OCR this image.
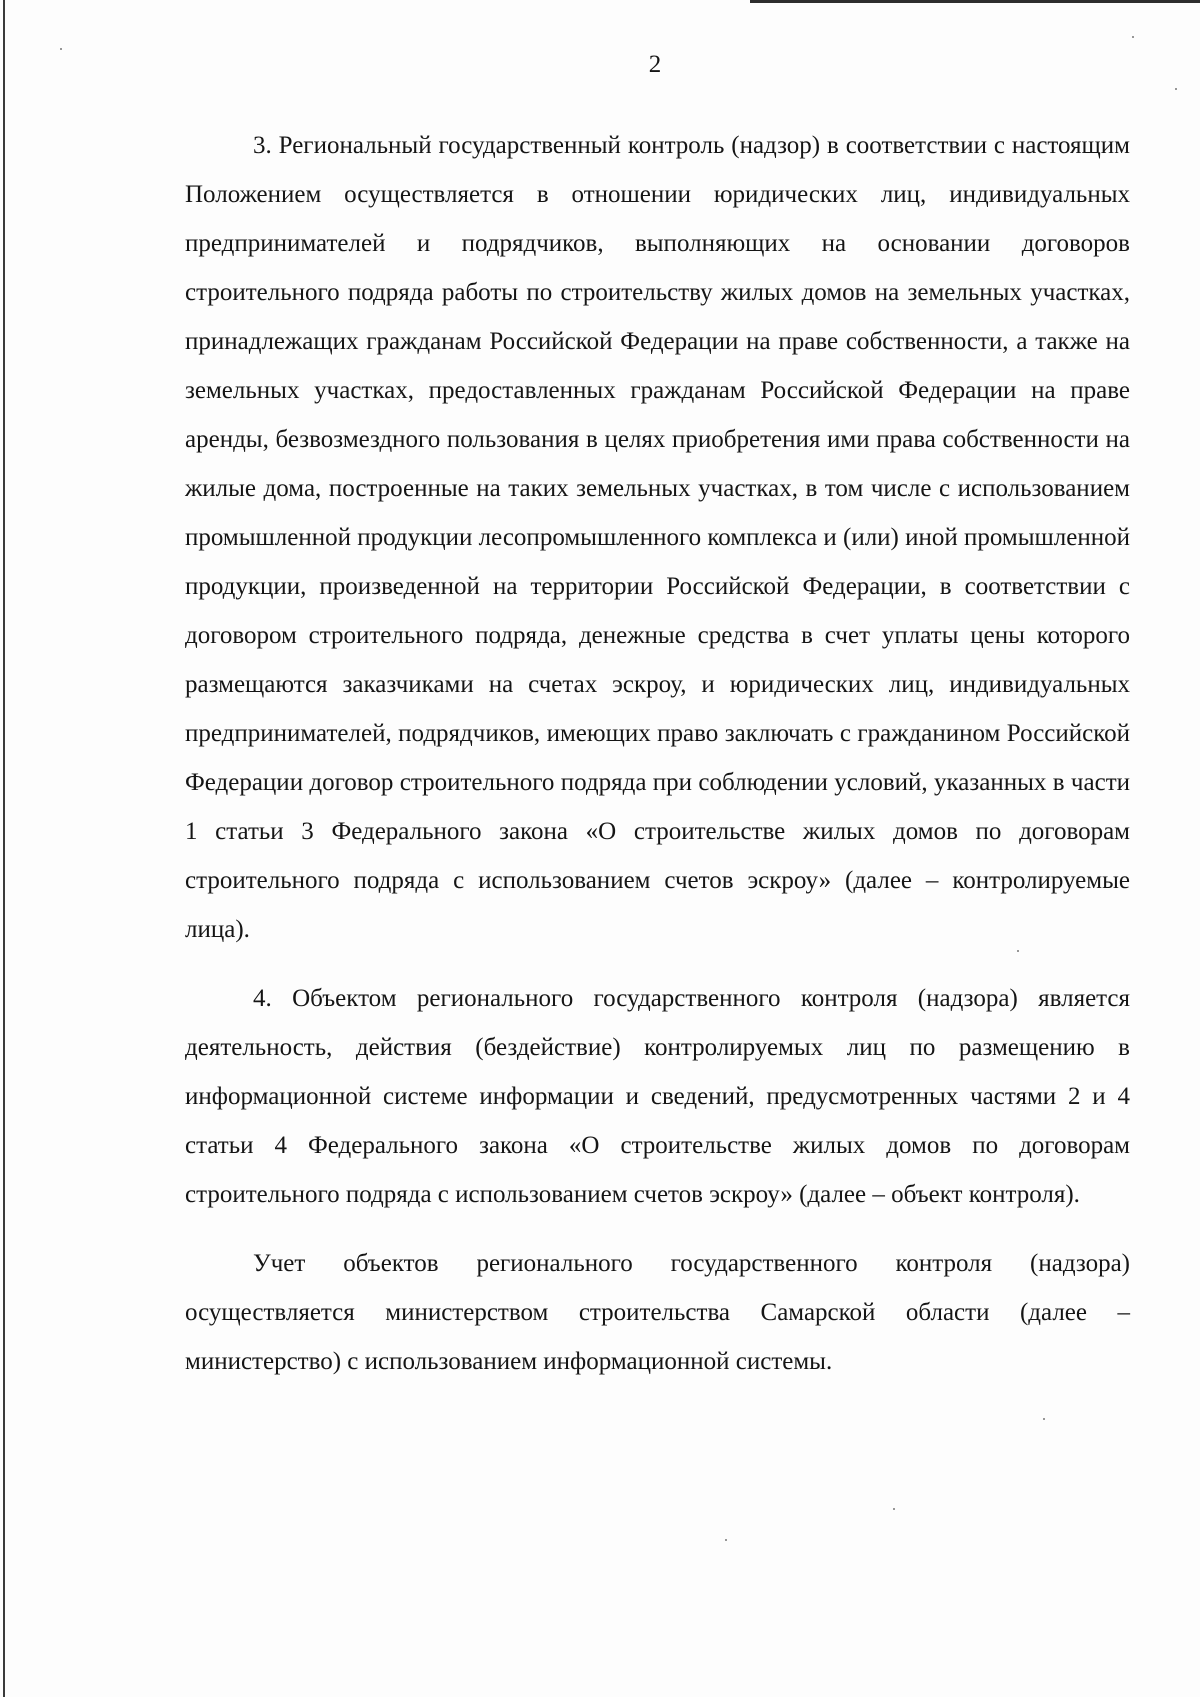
2

3. Региональный государственный контроль (надзор) в соответствии с настоящим Положением осуществляется в отношении юридических лиц, индивидуальных предпринимателей и подрядчиков, выполняющих на основании договоров строительного подряда работы по строительству жилых домов на земельных участках, принадлежащих гражданам Российской Федерации на праве собственности, а также на земельных участках, предоставленных гражданам Российской Федерации на праве аренды, безвозмездного пользования в целях приобретения ими права собственности на жилые дома, построенные на таких земельных участках, в том числе с использованием промышленной продукции лесопромышленного комплекса и (или) иной промышленной продукции, произведенной на территории Российской Федерации, в соответствии с договором строительного подряда, денежные средства в счет уплаты цены которого размещаются заказчиками на счетах эскроу, и юридических лиц, индивидуальных предпринимателей, подрядчиков, имеющих право заключать с гражданином Российской Федерации договор строительного подряда при соблюдении условий, указанных в части 1 статьи 3 Федерального закона «О строительстве жилых домов по договорам строительного подряда с использованием счетов эскроу» (далее – контролируемые лица).

4. Объектом регионального государственного контроля (надзора) является деятельность, действия (бездействие) контролируемых лиц по размещению в информационной системе информации и сведений, предусмотренных частями 2 и 4 статьи 4 Федерального закона «О строительстве жилых домов по договорам строительного подряда с использованием счетов эскроу» (далее – объект контроля).

Учет объектов регионального государственного контроля (надзора) осуществляется министерством строительства Самарской области (далее – министерство) с использованием информационной системы.
